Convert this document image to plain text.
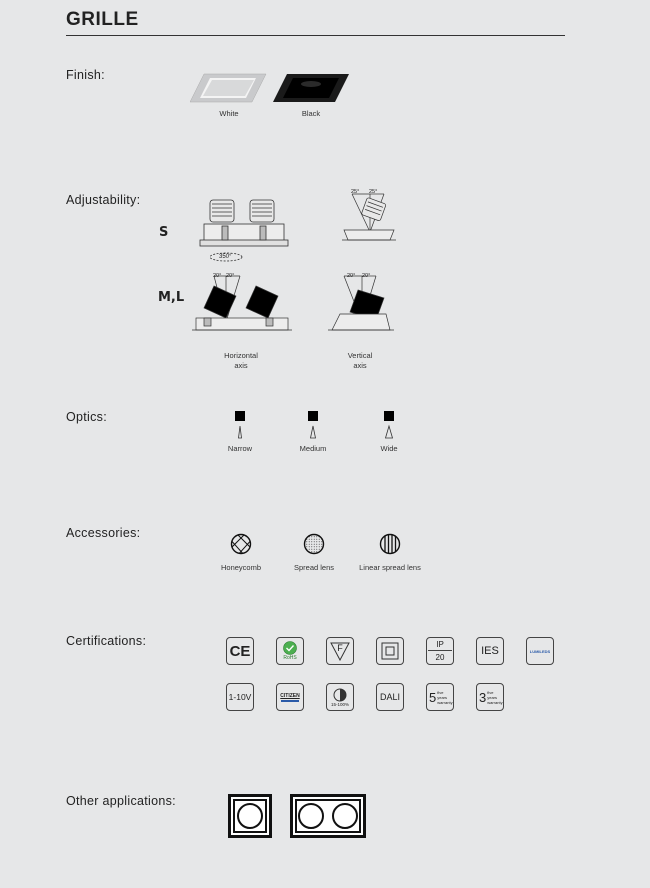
GRILLE
Finish:
White	Black
Adjustability:
S
M,L
350°
25° 25°
20° 20°	20° 20°
Horizontal
axis
Vertical
axis
Optics:
Narrow	Medium	Wide
Accessories:
Honeycomb	Spread lens	Linear spread lens
Certifications:
CE	RoHS
F	IP
20
IES	LUMILEDS
1-10V	CITIZEN
15-100%
DALI	5 five
years
warranty 3 five
years
warranty
Other applications:
